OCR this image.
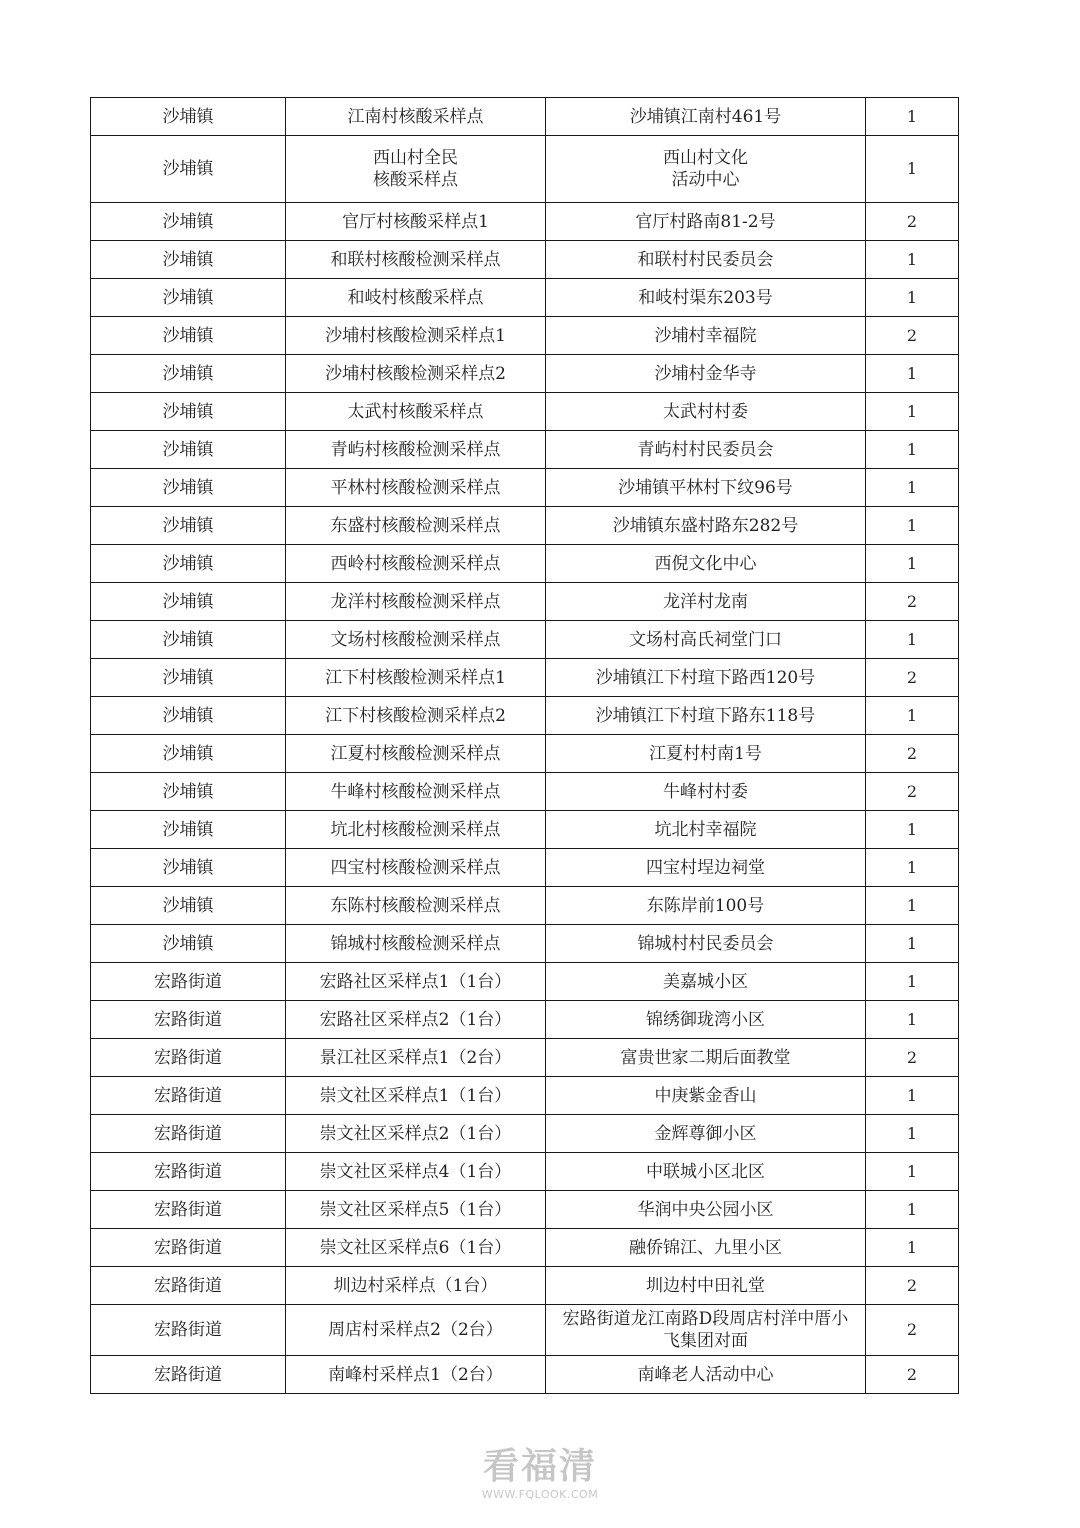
沙埔镇	江南村核酸采样点	沙埔镇江南村461号	1
沙埔镇	西山村全民核酸采样点	西山村文化活动中心	1
沙埔镇	官厅村核酸采样点1	官厅村路南81-2号	2
沙埔镇	和联村核酸检测采样点	和联村村民委员会	1
沙埔镇	和岐村核酸采样点	和岐村渠东203号	1
沙埔镇	沙埔村核酸检测采样点1	沙埔村幸福院	2
沙埔镇	沙埔村核酸检测采样点2	沙埔村金华寺	1
沙埔镇	太武村核酸采样点	太武村村委	1
沙埔镇	青屿村核酸检测采样点	青屿村村民委员会	1
沙埔镇	平林村核酸检测采样点	沙埔镇平林村下纹96号	1
沙埔镇	东盛村核酸检测采样点	沙埔镇东盛村路东282号	1
沙埔镇	西岭村核酸检测采样点	西倪文化中心	1
沙埔镇	龙洋村核酸检测采样点	龙洋村龙南	2
沙埔镇	文场村核酸检测采样点	文场村高氏祠堂门口	1
沙埔镇	江下村核酸检测采样点1	沙埔镇江下村瑄下路西120号	2
沙埔镇	江下村核酸检测采样点2	沙埔镇江下村瑄下路东118号	1
沙埔镇	江夏村核酸检测采样点	江夏村村南1号	2
沙埔镇	牛峰村核酸检测采样点	牛峰村村委	2
沙埔镇	坑北村核酸检测采样点	坑北村幸福院	1
沙埔镇	四宝村核酸检测采样点	四宝村埕边祠堂	1
沙埔镇	东陈村核酸检测采样点	东陈岸前100号	1
沙埔镇	锦城村核酸检测采样点	锦城村村民委员会	1
宏路街道	宏路社区采样点1（1台）	美嘉城小区	1
宏路街道	宏路社区采样点2（1台）	锦绣御珑湾小区	1
宏路街道	景江社区采样点1（2台）	富贵世家二期后面教堂	2
宏路街道	崇文社区采样点1（1台）	中庚紫金香山	1
宏路街道	崇文社区采样点2（1台）	金辉尊御小区	1
宏路街道	崇文社区采样点4（1台）	中联城小区北区	1
宏路街道	崇文社区采样点5（1台）	华润中央公园小区	1
宏路街道	崇文社区采样点6（1台）	融侨锦江、九里小区	1
宏路街道	圳边村采样点（1台）	圳边村中田礼堂	2
宏路街道	周店村采样点2（2台）	宏路街道龙江南路D段周店村洋中厝小飞集团对面	2
宏路街道	南峰村采样点1（2台）	南峰老人活动中心	2
看福清
WWW.FQLOOK.COM
